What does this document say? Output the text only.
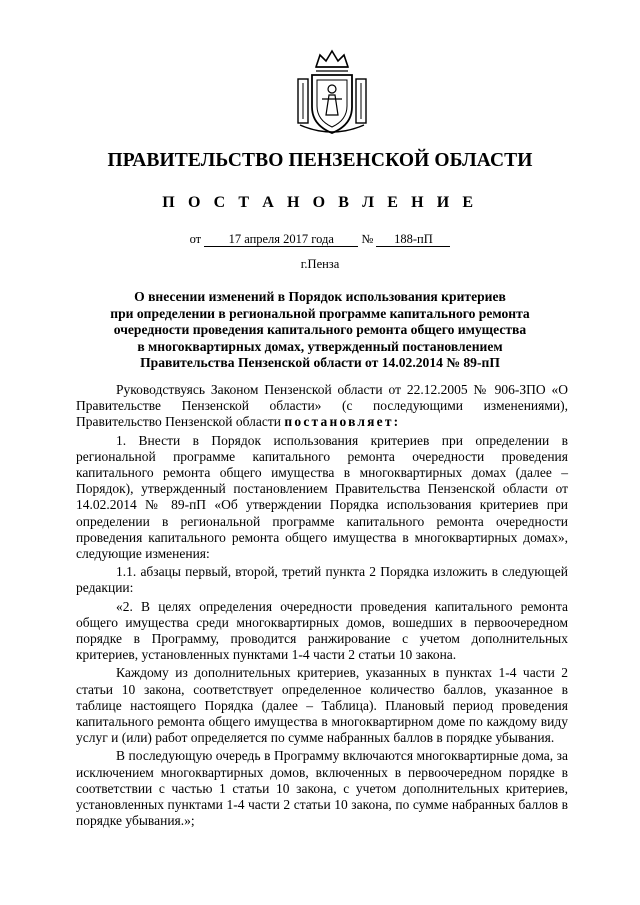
ПРАВИТЕЛЬСТВО ПЕНЗЕНСКОЙ ОБЛАСТИ
П О С Т А Н О В Л Е Н И Е
от 17 апреля 2017 года № 188-пП
г.Пенза
О внесении изменений в Порядок использования критериев
при определении в региональной программе капитального ремонта
очередности проведения капитального ремонта общего имущества
в многоквартирных домах, утвержденный постановлением
Правительства Пензенской области от 14.02.2014 № 89-пП

Руководствуясь Законом Пензенской области от 22.12.2005 № 906-ЗПО «О Правительстве Пензенской области» (с последующими изменениями), Правительство Пензенской области постановляет:

1. Внести в Порядок использования критериев при определении в региональной программе капитального ремонта очередности проведения капитального ремонта общего имущества в многоквартирных домах (далее – Порядок), утвержденный постановлением Правительства Пензенской области от 14.02.2014 № 89-пП «Об утверждении Порядка использования критериев при определении в региональной программе капитального ремонта очередности проведения капитального ремонта общего имущества в многоквартирных домах», следующие изменения:

1.1. абзацы первый, второй, третий пункта 2 Порядка изложить в следующей редакции:

«2. В целях определения очередности проведения капитального ремонта общего имущества среди многоквартирных домов, вошедших в первоочередном порядке в Программу, проводится ранжирование с учетом дополнительных критериев, установленных пунктами 1-4 части 2 статьи 10 закона.

Каждому из дополнительных критериев, указанных в пунктах 1-4 части 2 статьи 10 закона, соответствует определенное количество баллов, указанное в таблице настоящего Порядка (далее – Таблица). Плановый период проведения капитального ремонта общего имущества в многоквартирном доме по каждому виду услуг и (или) работ определяется по сумме набранных баллов в порядке убывания.

В последующую очередь в Программу включаются многоквартирные дома, за исключением многоквартирных домов, включенных в первоочередном порядке в соответствии с частью 1 статьи 10 закона, с учетом дополнительных критериев, установленных пунктами 1-4 части 2 статьи 10 закона, по сумме набранных баллов в порядке убывания.»;
